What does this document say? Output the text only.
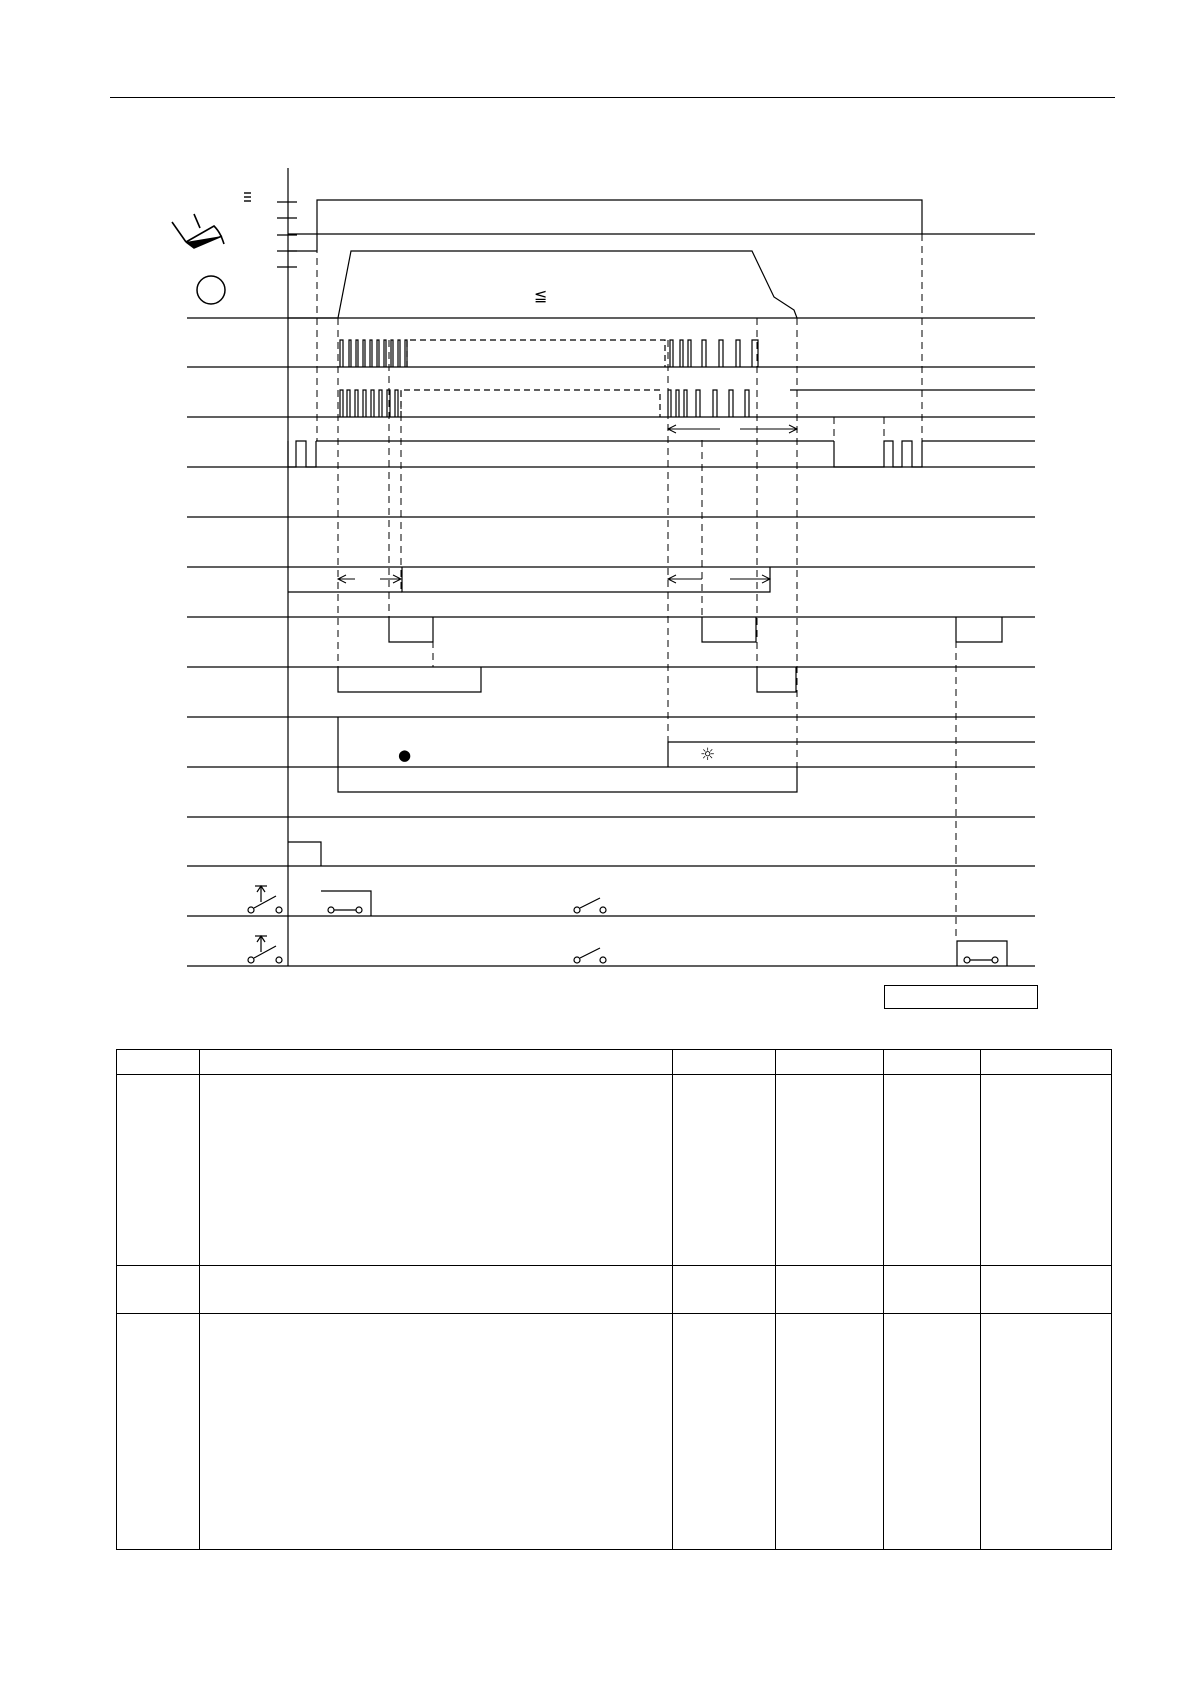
●	☼
≦
